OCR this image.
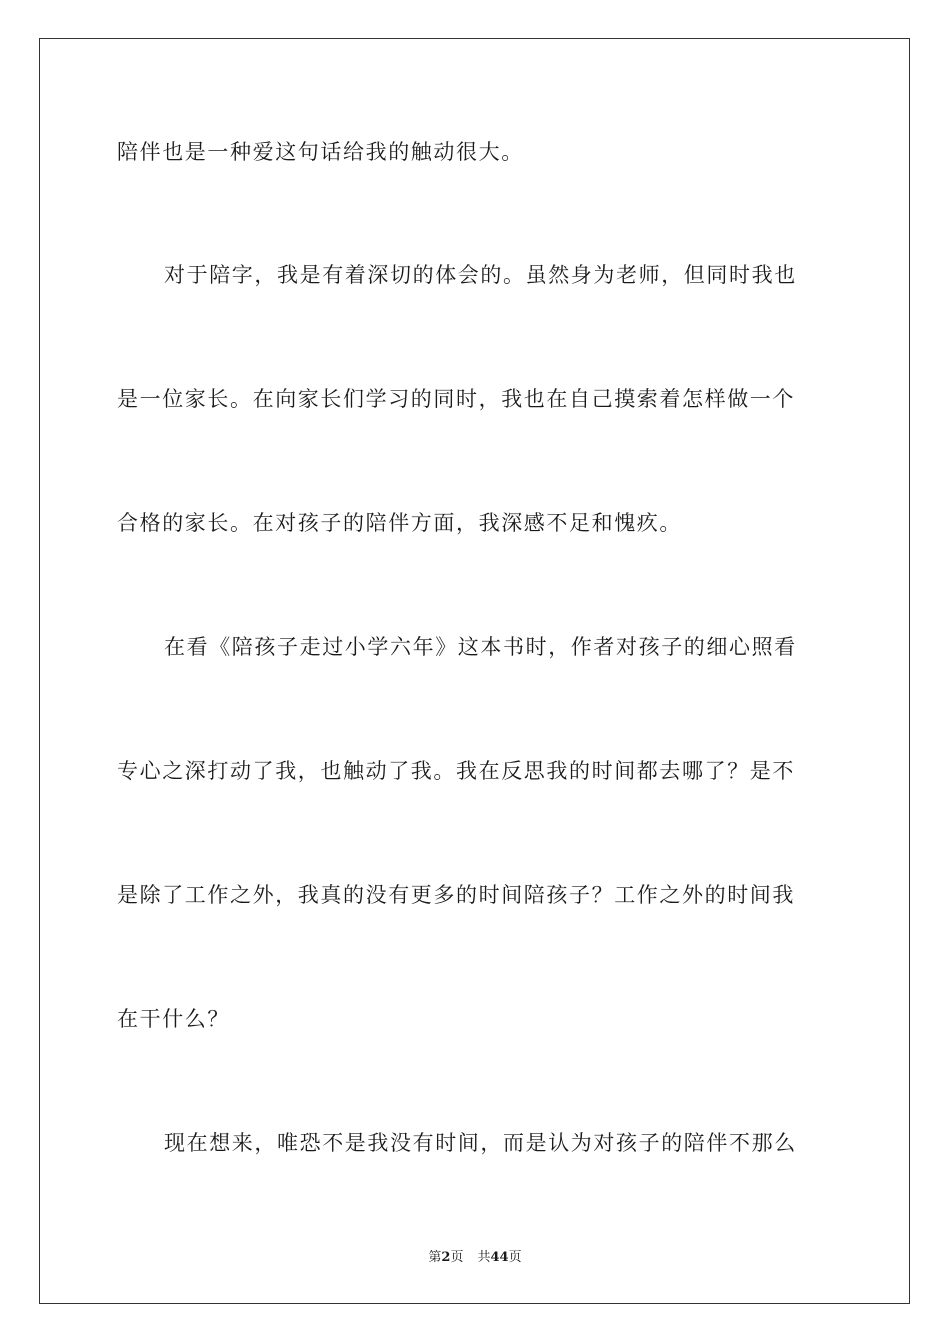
陪伴也是一种爱这句话给我的触动很大。
对于陪字，我是有着深切的体会的。虽然身为老师，但同时我也
是一位家长。在向家长们学习的同时，我也在自己摸索着怎样做一个
合格的家长。在对孩子的陪伴方面，我深感不足和愧疚。
在看《陪孩子走过小学六年》这本书时，作者对孩子的细心照看
专心之深打动了我，也触动了我。我在反思我的时间都去哪了？是不
是除了工作之外，我真的没有更多的时间陪孩子？工作之外的时间我
在干什么？
现在想来，唯恐不是我没有时间，而是认为对孩子的陪伴不那么
第2页 共44页
